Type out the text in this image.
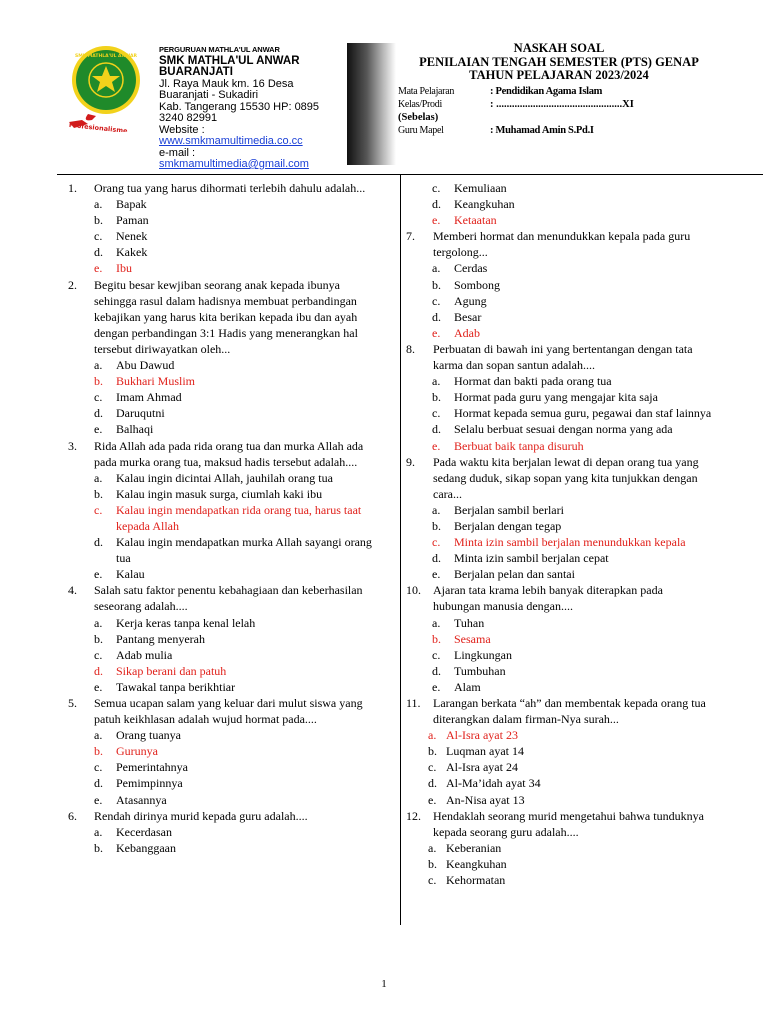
SMK MATHLA'UL ANWAR
Profesionalisme
PERGURUAN MATHLA'UL ANWAR
SMK MATHLA'UL ANWAR
BUARANJATI
Jl. Raya Mauk km. 16 Desa
Buaranjati - Sukadiri
Kab. Tangerang 15530 HP: 0895
3240 82991
Website :
www.smkmamultimedia.co.cc
e-mail :
smkmamultimedia@gmail.com
NASKAH SOAL
PENILAIAN TENGAH SEMESTER (PTS) GENAP
TAHUN PELAJARAN 2023/2024
Mata Pelajaran	: Pendidikan Agama Islam
Kelas/Prodi	: ................................................XI
(Sebelas)
Guru Mapel	: Muhamad Amin S.Pd.I
1.	Orang tua yang harus dihormati terlebih dahulu adalah...
a.	Bapak
b.	Paman
c.	Nenek
d.	Kakek
e.	Ibu
2.	Begitu besar kewjiban seorang anak kepada ibunya sehingga rasul dalam hadisnya membuat perbandingan kebajikan yang harus kita berikan kepada ibu dan ayah dengan perbandingan 3:1 Hadis yang menerangkan hal tersebut diriwayatkan oleh...
a.	Abu Dawud
b.	Bukhari Muslim
c.	Imam Ahmad
d.	Daruqutni
e.	Balhaqi
3.	Rida Allah ada pada rida orang tua dan murka Allah ada pada murka orang tua, maksud hadis tersebut adalah....
a.	Kalau ingin dicintai Allah, jauhilah orang tua
b.	Kalau ingin masuk surga, ciumlah kaki ibu
c.	Kalau ingin mendapatkan rida orang tua, harus taat kepada Allah
d.	Kalau ingin mendapatkan murka Allah sayangi orang tua
e.	Kalau
4.	Salah satu faktor penentu kebahagiaan dan keberhasilan seseorang adalah....
a.	Kerja keras tanpa kenal lelah
b.	Pantang menyerah
c.	Adab mulia
d.	Sikap berani dan patuh
e.	Tawakal tanpa berikhtiar
5.	Semua ucapan salam yang keluar dari mulut siswa yang patuh keikhlasan adalah wujud hormat pada....
a.	Orang tuanya
b.	Gurunya
c.	Pemerintahnya
d.	Pemimpinnya
e.	Atasannya
6.	Rendah dirinya murid kepada guru adalah....
a.	Kecerdasan
b.	Kebanggaan
c.	Kemuliaan
d.	Keangkuhan
e.	Ketaatan
7.	Memberi hormat dan menundukkan kepala pada guru tergolong...
a.	Cerdas
b.	Sombong
c.	Agung
d.	Besar
e.	Adab
8.	Perbuatan di bawah ini yang bertentangan dengan tata karma dan sopan santun adalah....
a.	Hormat dan bakti pada orang tua
b.	Hormat pada guru yang mengajar kita saja
c.	Hormat kepada semua guru, pegawai dan staf lainnya
d.	Selalu berbuat sesuai dengan norma yang ada
e.	Berbuat baik tanpa disuruh
9.	Pada waktu kita berjalan lewat di depan orang tua yang sedang duduk, sikap sopan yang kita tunjukkan dengan cara...
a.	Berjalan sambil berlari
b.	Berjalan dengan tegap
c.	Minta izin sambil berjalan menundukkan kepala
d.	Minta izin sambil berjalan cepat
e.	Berjalan pelan dan santai
10.	Ajaran tata krama lebih banyak diterapkan pada hubungan manusia dengan....
a.	Tuhan
b.	Sesama
c.	Lingkungan
d.	Tumbuhan
e.	Alam
11.	Larangan berkata “ah” dan membentak kepada orang tua diterangkan dalam firman-Nya surah...
a. Al-Isra ayat 23
b. Luqman ayat 14
c. Al-Isra ayat 24
d. Al-Ma’idah ayat 34
e. An-Nisa ayat 13
12.	Hendaklah seorang murid mengetahui bahwa tunduknya kepada seorang guru adalah....
a. Keberanian
b. Keangkuhan
c. Kehormatan
1
